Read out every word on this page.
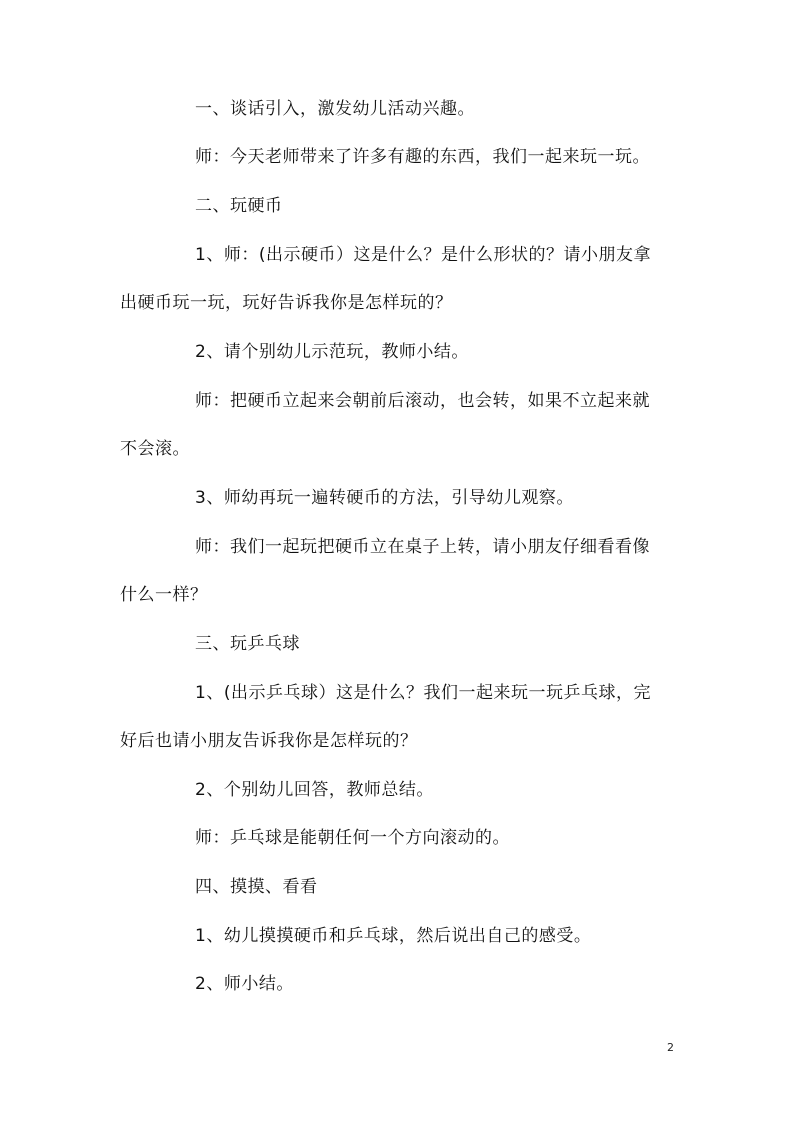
一、谈话引入，激发幼儿活动兴趣。
师：今天老师带来了许多有趣的东西，我们一起来玩一玩。
二、玩硬币
1、师：(出示硬币）这是什么？是什么形状的？请小朋友拿
出硬币玩一玩，玩好告诉我你是怎样玩的？
2、请个别幼儿示范玩，教师小结。
师：把硬币立起来会朝前后滚动，也会转，如果不立起来就
不会滚。
3、师幼再玩一遍转硬币的方法，引导幼儿观察。
师：我们一起玩把硬币立在桌子上转，请小朋友仔细看看像
什么一样？
三、玩乒乓球
1、(出示乒乓球）这是什么？我们一起来玩一玩乒乓球，完
好后也请小朋友告诉我你是怎样玩的？
2、个别幼儿回答，教师总结。
师：乒乓球是能朝任何一个方向滚动的。
四、摸摸、看看
1、幼儿摸摸硬币和乒乓球，然后说出自己的感受。
2、师小结。
2
